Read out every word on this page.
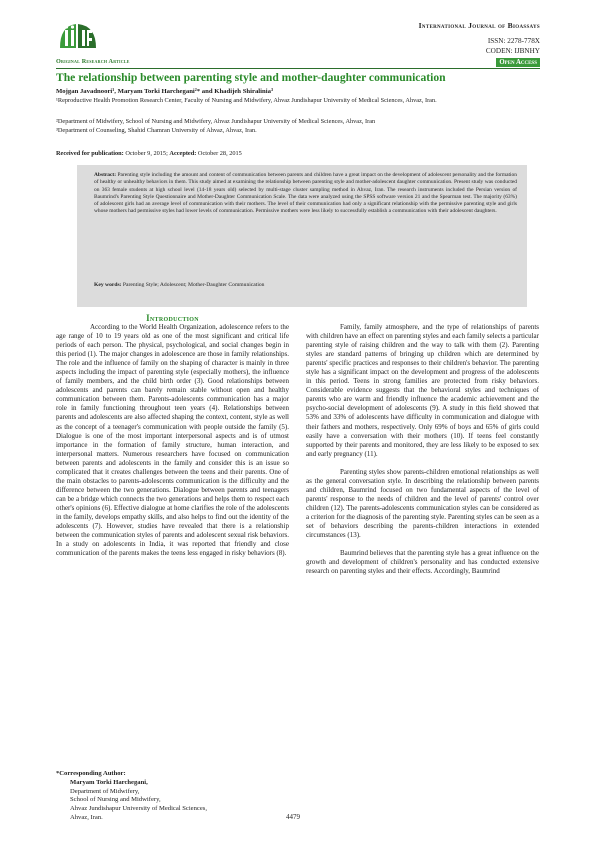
Original Research Article
International Journal of Bioassays
ISSN: 2278-778X
CODEN: IJBNHY
Open Access
The relationship between parenting style and mother-daughter communication
Mojgan Javadnoori¹, Maryam Torki Harchegani²* and Khadijeh Shiralinia³
¹Reproductive Health Promotion Research Center, Faculty of Nursing and Midwifery, Ahvaz Jundishapur University of Medical Sciences, Ahvaz, Iran.
²Department of Midwifery, School of Nursing and Midwifery, Ahvaz Jundishapur University of Medical Sciences, Ahvaz, Iran
³Department of Counseling, Shahid Chamran University of Ahvaz, Ahvaz, Iran.
Received for publication: October 9, 2015; Accepted: October 28, 2015
Abstract: Parenting style including the amount and content of communication between parents and children have a great impact on the development of adolescent personality and the formation of healthy or unhealthy behaviors in them. This study aimed at examining the relationship between parenting style and mother-adolescent daughter communication. Present study was conducted on 363 female students at high school level (14-18 years old) selected by multi-stage cluster sampling method in Ahvaz, Iran. The research instruments included the Persian version of Baumrind's Parenting Style Questionnaire and Mother-Daughter Communication Scale. The data were analyzed using the SPSS software version 21 and the Spearman test. The majority (63%) of adolescent girls had an average level of communication with their mothers. The level of their communication had only a significant relationship with the permissive parenting style and girls whose mothers had permissive styles had lower levels of communication. Permissive mothers were less likely to successfully establish a communication with their adolescent daughters.
Key words: Parenting Style; Adolescent; Mother-Daughter Communication
Introduction

According to the World Health Organization, adolescence refers to the age range of 10 to 19 years old as one of the most significant and critical life periods of each person. The physical, psychological, and social changes begin in this period (1). The major changes in adolescence are those in family relationships. The role and the influence of family on the shaping of character is mainly in three aspects including the impact of parenting style (especially mothers), the influence of family members, and the child birth order (3). Good relationships between adolescents and parents can barely remain stable without open and healthy communication between them. Parents-adolescents communication has a major role in family functioning throughout teen years (4). Relationships between parents and adolescents are also affected shaping the context, content, style as well as the concept of a teenager's communication with people outside the family (5). Dialogue is one of the most important interpersonal aspects and is of utmost importance in the formation of family structure, human interaction, and interpersonal matters. Numerous researchers have focused on communication between parents and adolescents in the family and consider this is an issue so complicated that it creates challenges between the teens and their parents. One of the main obstacles to parents-adolescents communication is the difficulty and the difference between the two generations. Dialogue between parents and teenagers can be a bridge which connects the two generations and helps them to respect each other's opinions (6). Effective dialogue at home clarifies the role of the adolescents in the family, develops empathy skills, and also helps to find out the identity of the adolescents (7). However, studies have revealed that there is a relationship between the communication styles of parents and adolescent sexual risk behaviors. In a study on adolescents in India, it was reported that friendly and close communication of the parents makes the teens less engaged in risky behaviors (8).

Family, family atmosphere, and the type of relationships of parents with children have an effect on parenting styles and each family selects a particular parenting style of raising children and the way to talk with them (2). Parenting styles are standard patterns of bringing up children which are determined by parents' specific practices and responses to their children's behavior. The parenting style has a significant impact on the development and progress of the adolescents in this period. Teens in strong families are protected from risky behaviors. Considerable evidence suggests that the behavioral styles and techniques of parents who are warm and friendly influence the academic achievement and the psycho-social development of adolescents (9). A study in this field showed that 53% and 33% of adolescents have difficulty in communication and dialogue with their fathers and mothers, respectively. Only 69% of boys and 65% of girls could easily have a conversation with their mothers (10). If teens feel constantly supported by their parents and monitored, they are less likely to be exposed to sex and early pregnancy (11).

Parenting styles show parents-children emotional relationships as well as the general conversation style. In describing the relationship between parents and children, Baumrind focused on two fundamental aspects of the level of parents' response to the needs of children and the level of parents' control over children (12). The parents-adolescents communication styles can be considered as a criterion for the diagnosis of the parenting style. Parenting styles can be seen as a set of behaviors describing the parents-children interactions in extended circumstances (13).

Baumrind believes that the parenting style has a great influence on the growth and development of children's personality and has conducted extensive research on parenting styles and their effects. Accordingly, Baumrind

*Corresponding Author:
Maryam Torki Harchegani,
Department of Midwifery,
School of Nursing and Midwifery,
Ahvaz Jundishapur University of Medical Sciences,
Ahvaz, Iran.	4479
